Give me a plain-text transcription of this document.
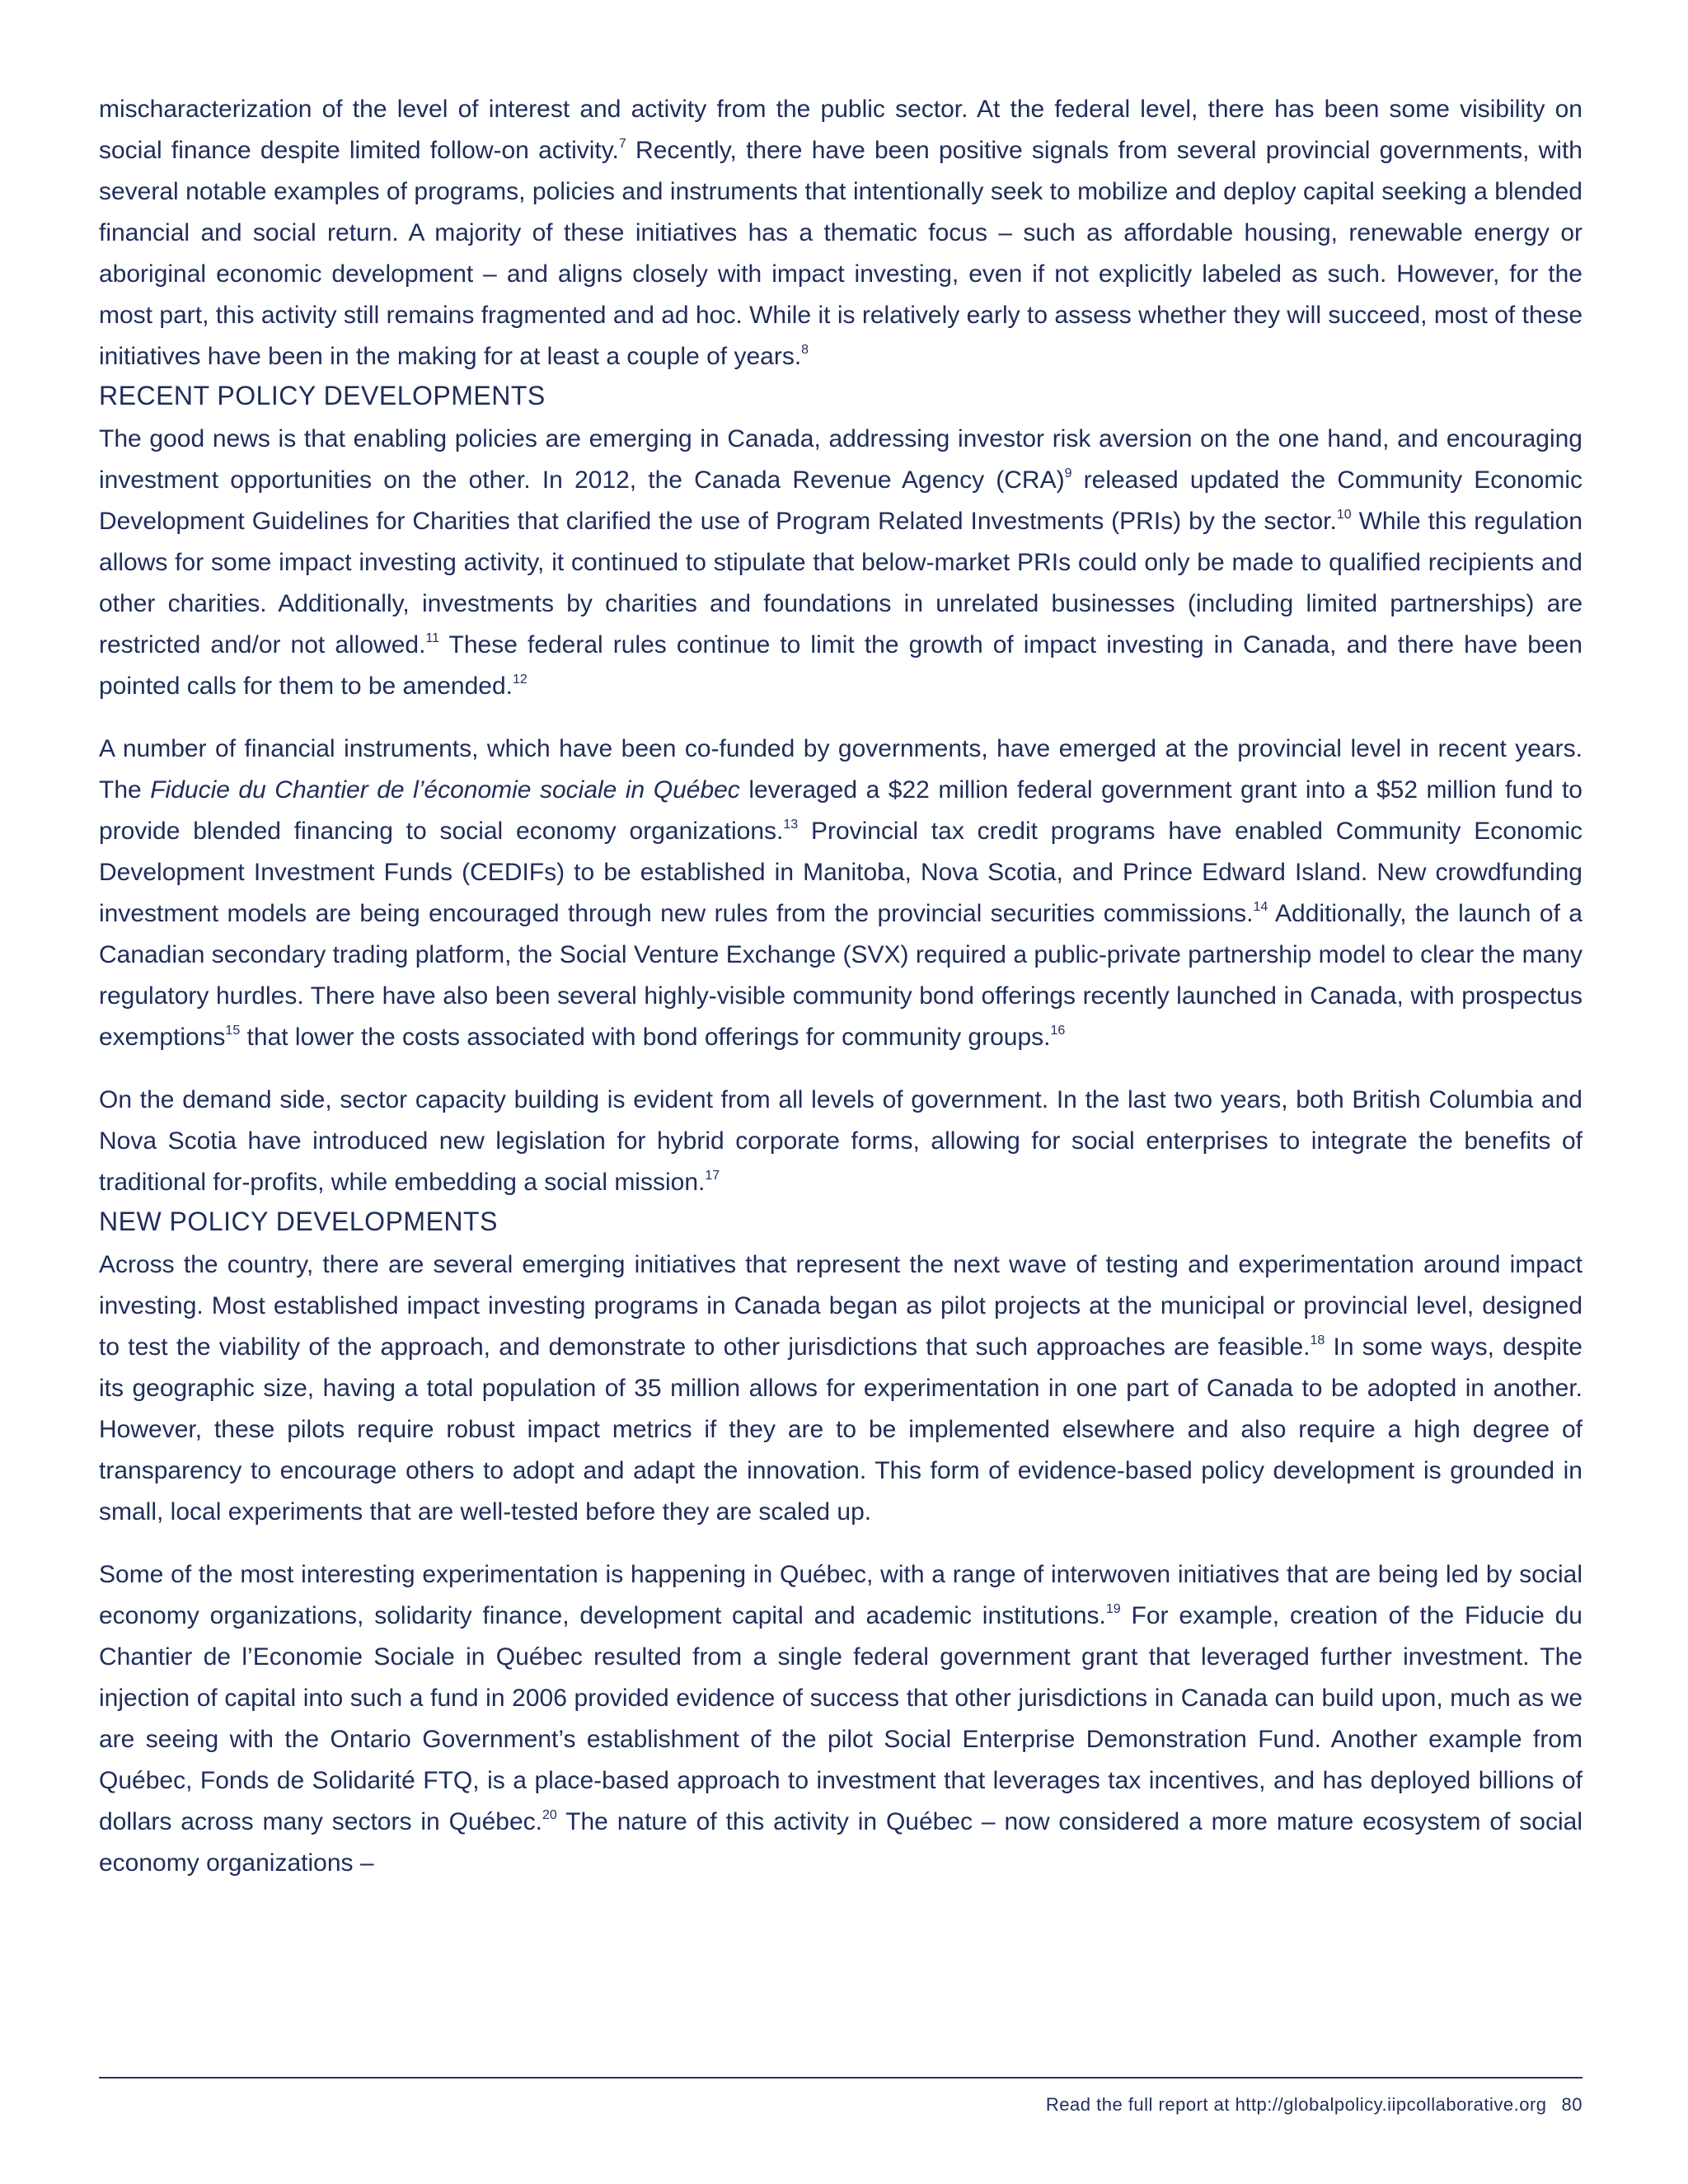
mischaracterization of the level of interest and activity from the public sector. At the federal level, there has been some visibility on social finance despite limited follow-on activity.$^7$ Recently, there have been positive signals from several provincial governments, with several notable examples of programs, policies and instruments that intentionally seek to mobilize and deploy capital seeking a blended financial and social return. A majority of these initiatives has a thematic focus – such as affordable housing, renewable energy or aboriginal economic development – and aligns closely with impact investing, even if not explicitly labeled as such. However, for the most part, this activity still remains fragmented and ad hoc. While it is relatively early to assess whether they will succeed, most of these initiatives have been in the making for at least a couple of years.$^8$

RECENT POLICY DEVELOPMENTS

The good news is that enabling policies are emerging in Canada, addressing investor risk aversion on the one hand, and encouraging investment opportunities on the other. In 2012, the Canada Revenue Agency (CRA)$^9$ released updated the Community Economic Development Guidelines for Charities that clarified the use of Program Related Investments (PRIs) by the sector.$^{10}$ While this regulation allows for some impact investing activity, it continued to stipulate that below-market PRIs could only be made to qualified recipients and other charities. Additionally, investments by charities and foundations in unrelated businesses (including limited partnerships) are restricted and/or not allowed.$^{11}$ These federal rules continue to limit the growth of impact investing in Canada, and there have been pointed calls for them to be amended.$^{12}$

A number of financial instruments, which have been co-funded by governments, have emerged at the provincial level in recent years. The Fiducie du Chantier de l’économie sociale in Québec leveraged a $22 million federal government grant into a $52 million fund to provide blended financing to social economy organizations.$^{13}$ Provincial tax credit programs have enabled Community Economic Development Investment Funds (CEDIFs) to be established in Manitoba, Nova Scotia, and Prince Edward Island. New crowdfunding investment models are being encouraged through new rules from the provincial securities commissions.$^{14}$ Additionally, the launch of a Canadian secondary trading platform, the Social Venture Exchange (SVX) required a public-private partnership model to clear the many regulatory hurdles. There have also been several highly-visible community bond offerings recently launched in Canada, with prospectus exemptions$^{15}$ that lower the costs associated with bond offerings for community groups.$^{16}$

On the demand side, sector capacity building is evident from all levels of government. In the last two years, both British Columbia and Nova Scotia have introduced new legislation for hybrid corporate forms, allowing for social enterprises to integrate the benefits of traditional for-profits, while embedding a social mission.$^{17}$

NEW POLICY DEVELOPMENTS

Across the country, there are several emerging initiatives that represent the next wave of testing and experimentation around impact investing. Most established impact investing programs in Canada began as pilot projects at the municipal or provincial level, designed to test the viability of the approach, and demonstrate to other jurisdictions that such approaches are feasible.$^{18}$ In some ways, despite its geographic size, having a total population of 35 million allows for experimentation in one part of Canada to be adopted in another. However, these pilots require robust impact metrics if they are to be implemented elsewhere and also require a high degree of transparency to encourage others to adopt and adapt the innovation. This form of evidence-based policy development is grounded in small, local experiments that are well-tested before they are scaled up.

Some of the most interesting experimentation is happening in Québec, with a range of interwoven initiatives that are being led by social economy organizations, solidarity finance, development capital and academic institutions.$^{19}$ For example, creation of the Fiducie du Chantier de l’Economie Sociale in Québec resulted from a single federal government grant that leveraged further investment. The injection of capital into such a fund in 2006 provided evidence of success that other jurisdictions in Canada can build upon, much as we are seeing with the Ontario Government’s establishment of the pilot Social Enterprise Demonstration Fund. Another example from Québec, Fonds de Solidarité FTQ, is a place-based approach to investment that leverages tax incentives, and has deployed billions of dollars across many sectors in Québec.$^{20}$ The nature of this activity in Québec – now considered a more mature ecosystem of social economy organizations –

Read the full report at http://globalpolicy.iipcollaborative.org 80
